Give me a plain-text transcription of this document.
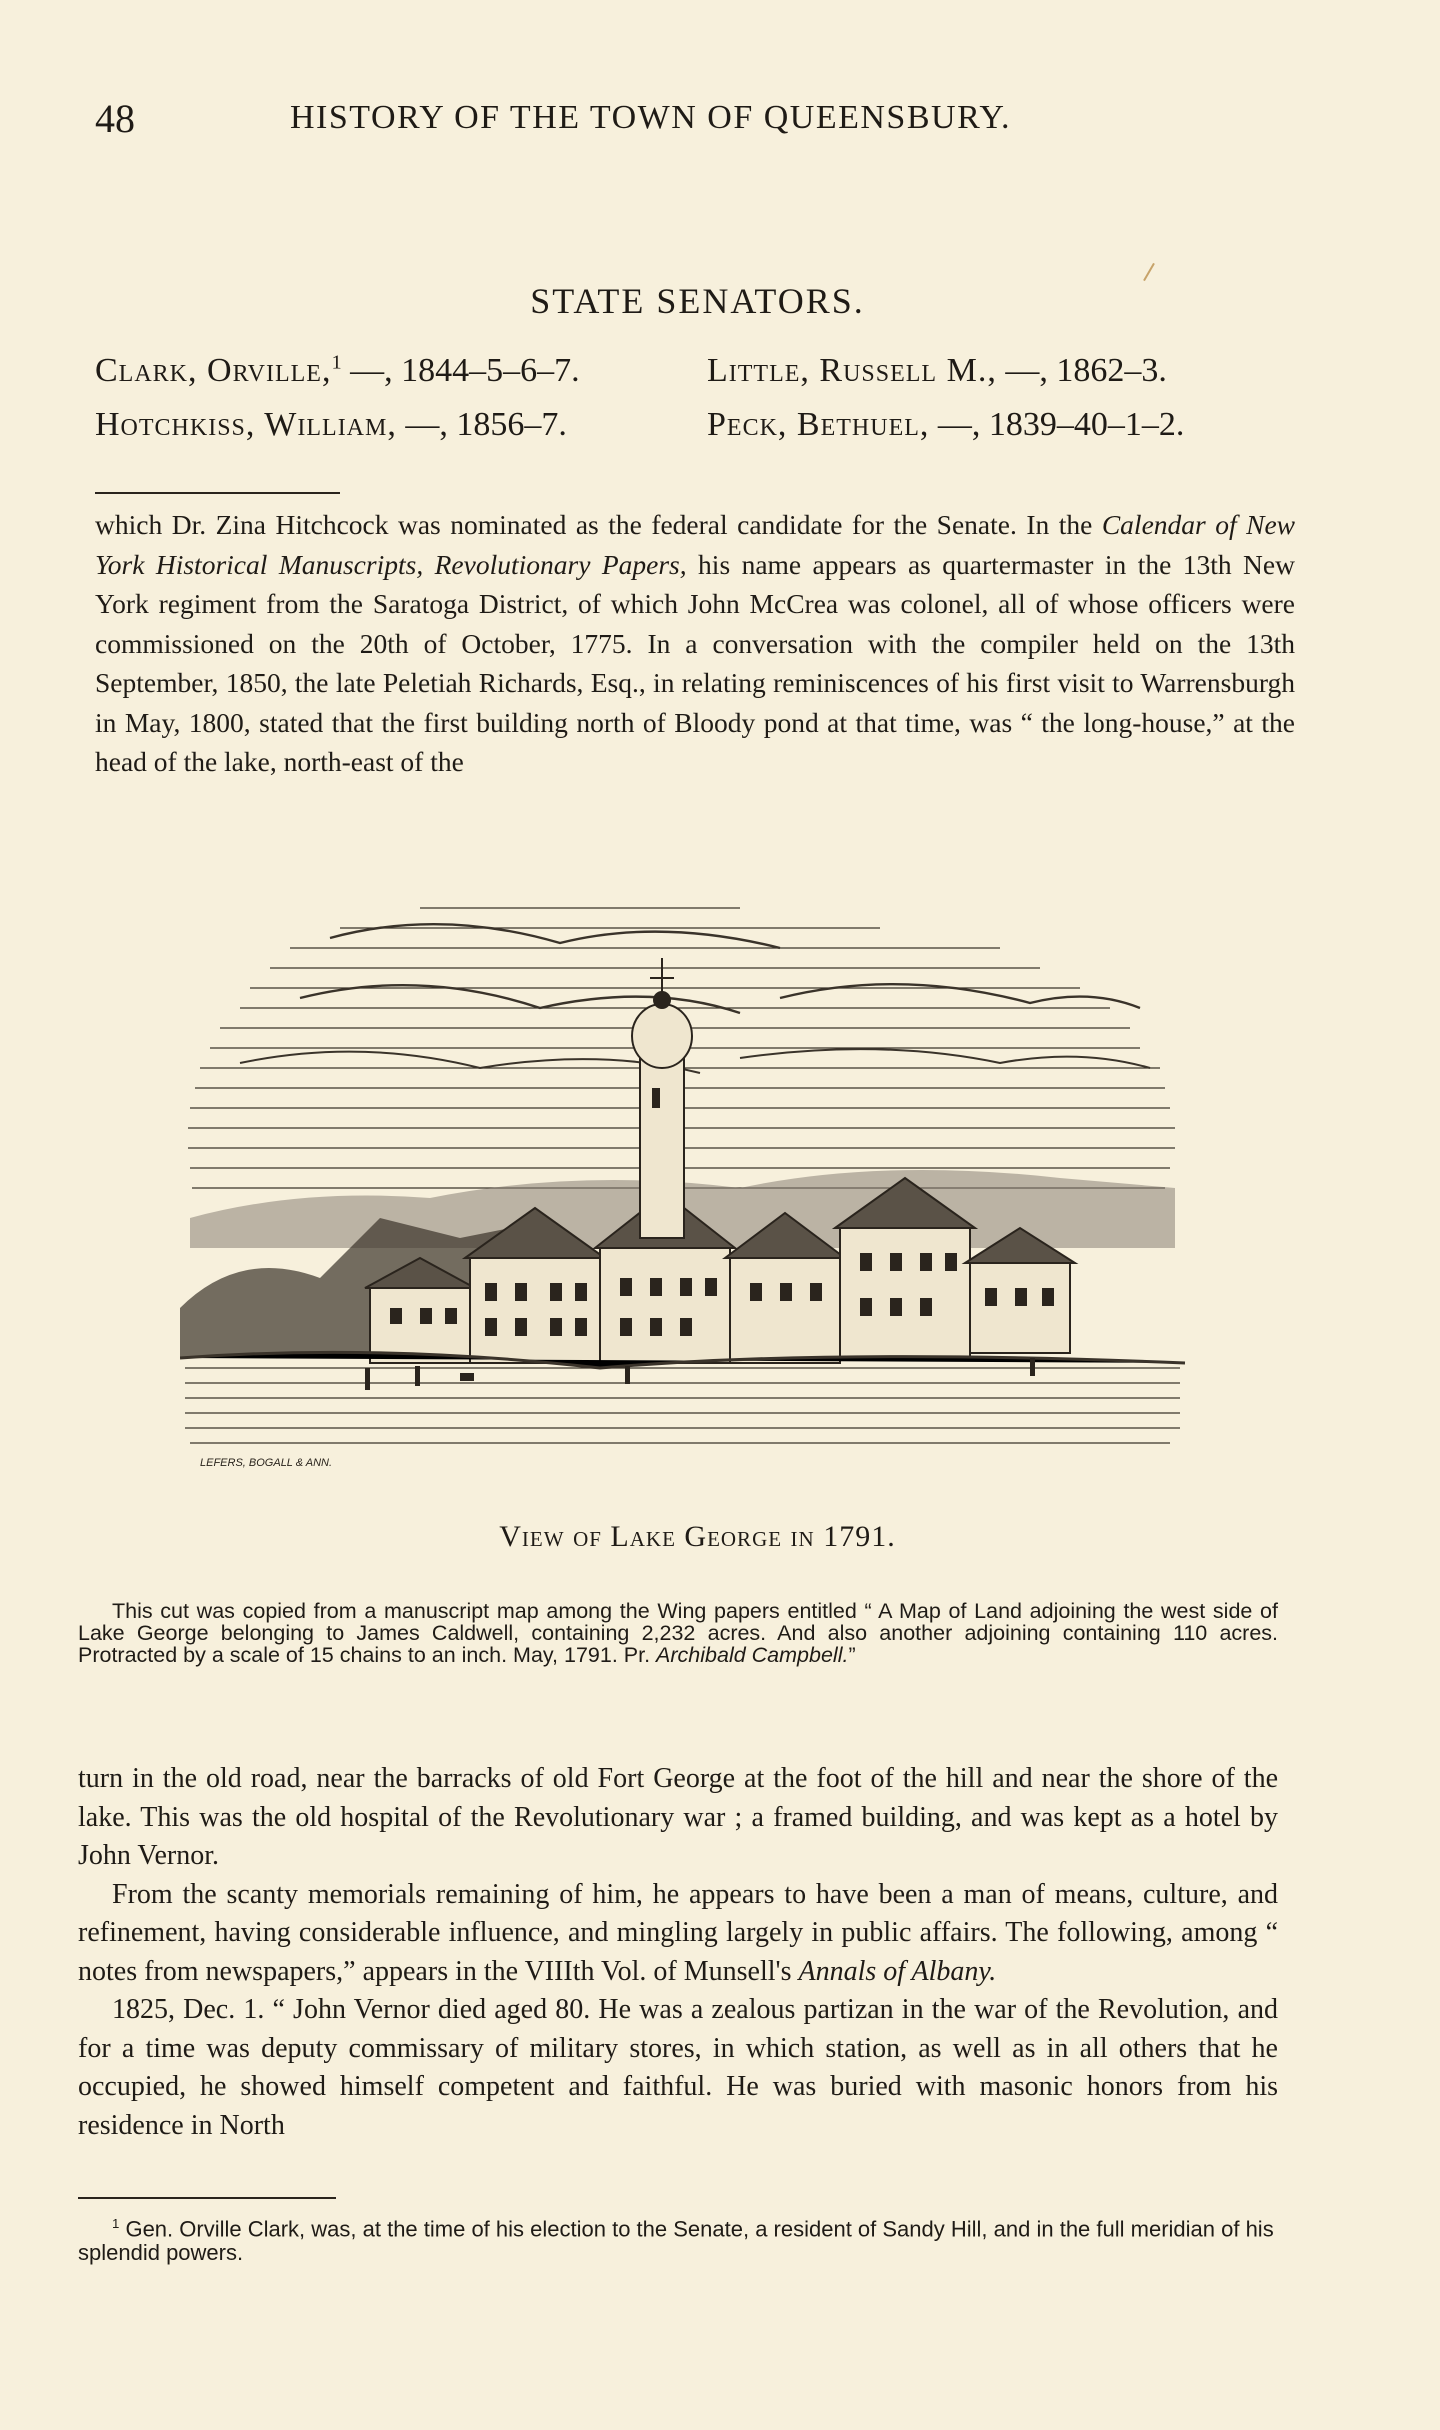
48	HISTORY OF THE TOWN OF QUEENSBURY.
STATE SENATORS.
Clark, Orville,$^1$ —, 1844–5–6–7.	Little, Russell M., —, 1862–3.
Hotchkiss, William, —, 1856–7.	Peck, Bethuel, —, 1839–40–1–2.

which Dr. Zina Hitchcock was nominated as the federal candidate for the Senate. In the Calendar of New York Historical Manuscripts, Revolutionary Papers, his name appears as quartermaster in the 13th New York regiment from the Saratoga District, of which John McCrea was colonel, all of whose officers were commissioned on the 20th of October, 1775. In a conversation with the compiler held on the 13th September, 1850, the late Peletiah Richards, Esq., in relating reminiscences of his first visit to Warrensburgh in May, 1800, stated that the first building north of Bloody pond at that time, was “ the long-house,” at the head of the lake, north-east of the

LEFERS, BOGALL & ANN.
View of Lake George in 1791.

This cut was copied from a manuscript map among the Wing papers entitled “ A Map of Land adjoining the west side of Lake George belonging to James Caldwell, containing 2,232 acres. And also another adjoining containing 110 acres. Protracted by a scale of 15 chains to an inch. May, 1791. Pr. Archibald Campbell.”

turn in the old road, near the barracks of old Fort George at the foot of the hill and near the shore of the lake. This was the old hospital of the Revolutionary war ; a framed building, and was kept as a hotel by John Vernor.

From the scanty memorials remaining of him, he appears to have been a man of means, culture, and refinement, having considerable influence, and mingling largely in public affairs. The following, among “ notes from newspapers,” appears in the VIIIth Vol. of Munsell's Annals of Albany.

1825, Dec. 1. “ John Vernor died aged 80. He was a zealous partizan in the war of the Revolution, and for a time was deputy commissary of military stores, in which station, as well as in all others that he occupied, he showed himself competent and faithful. He was buried with masonic honors from his residence in North

$^1$ Gen. Orville Clark, was, at the time of his election to the Senate, a resident of Sandy Hill, and in the full meridian of his splendid powers.
